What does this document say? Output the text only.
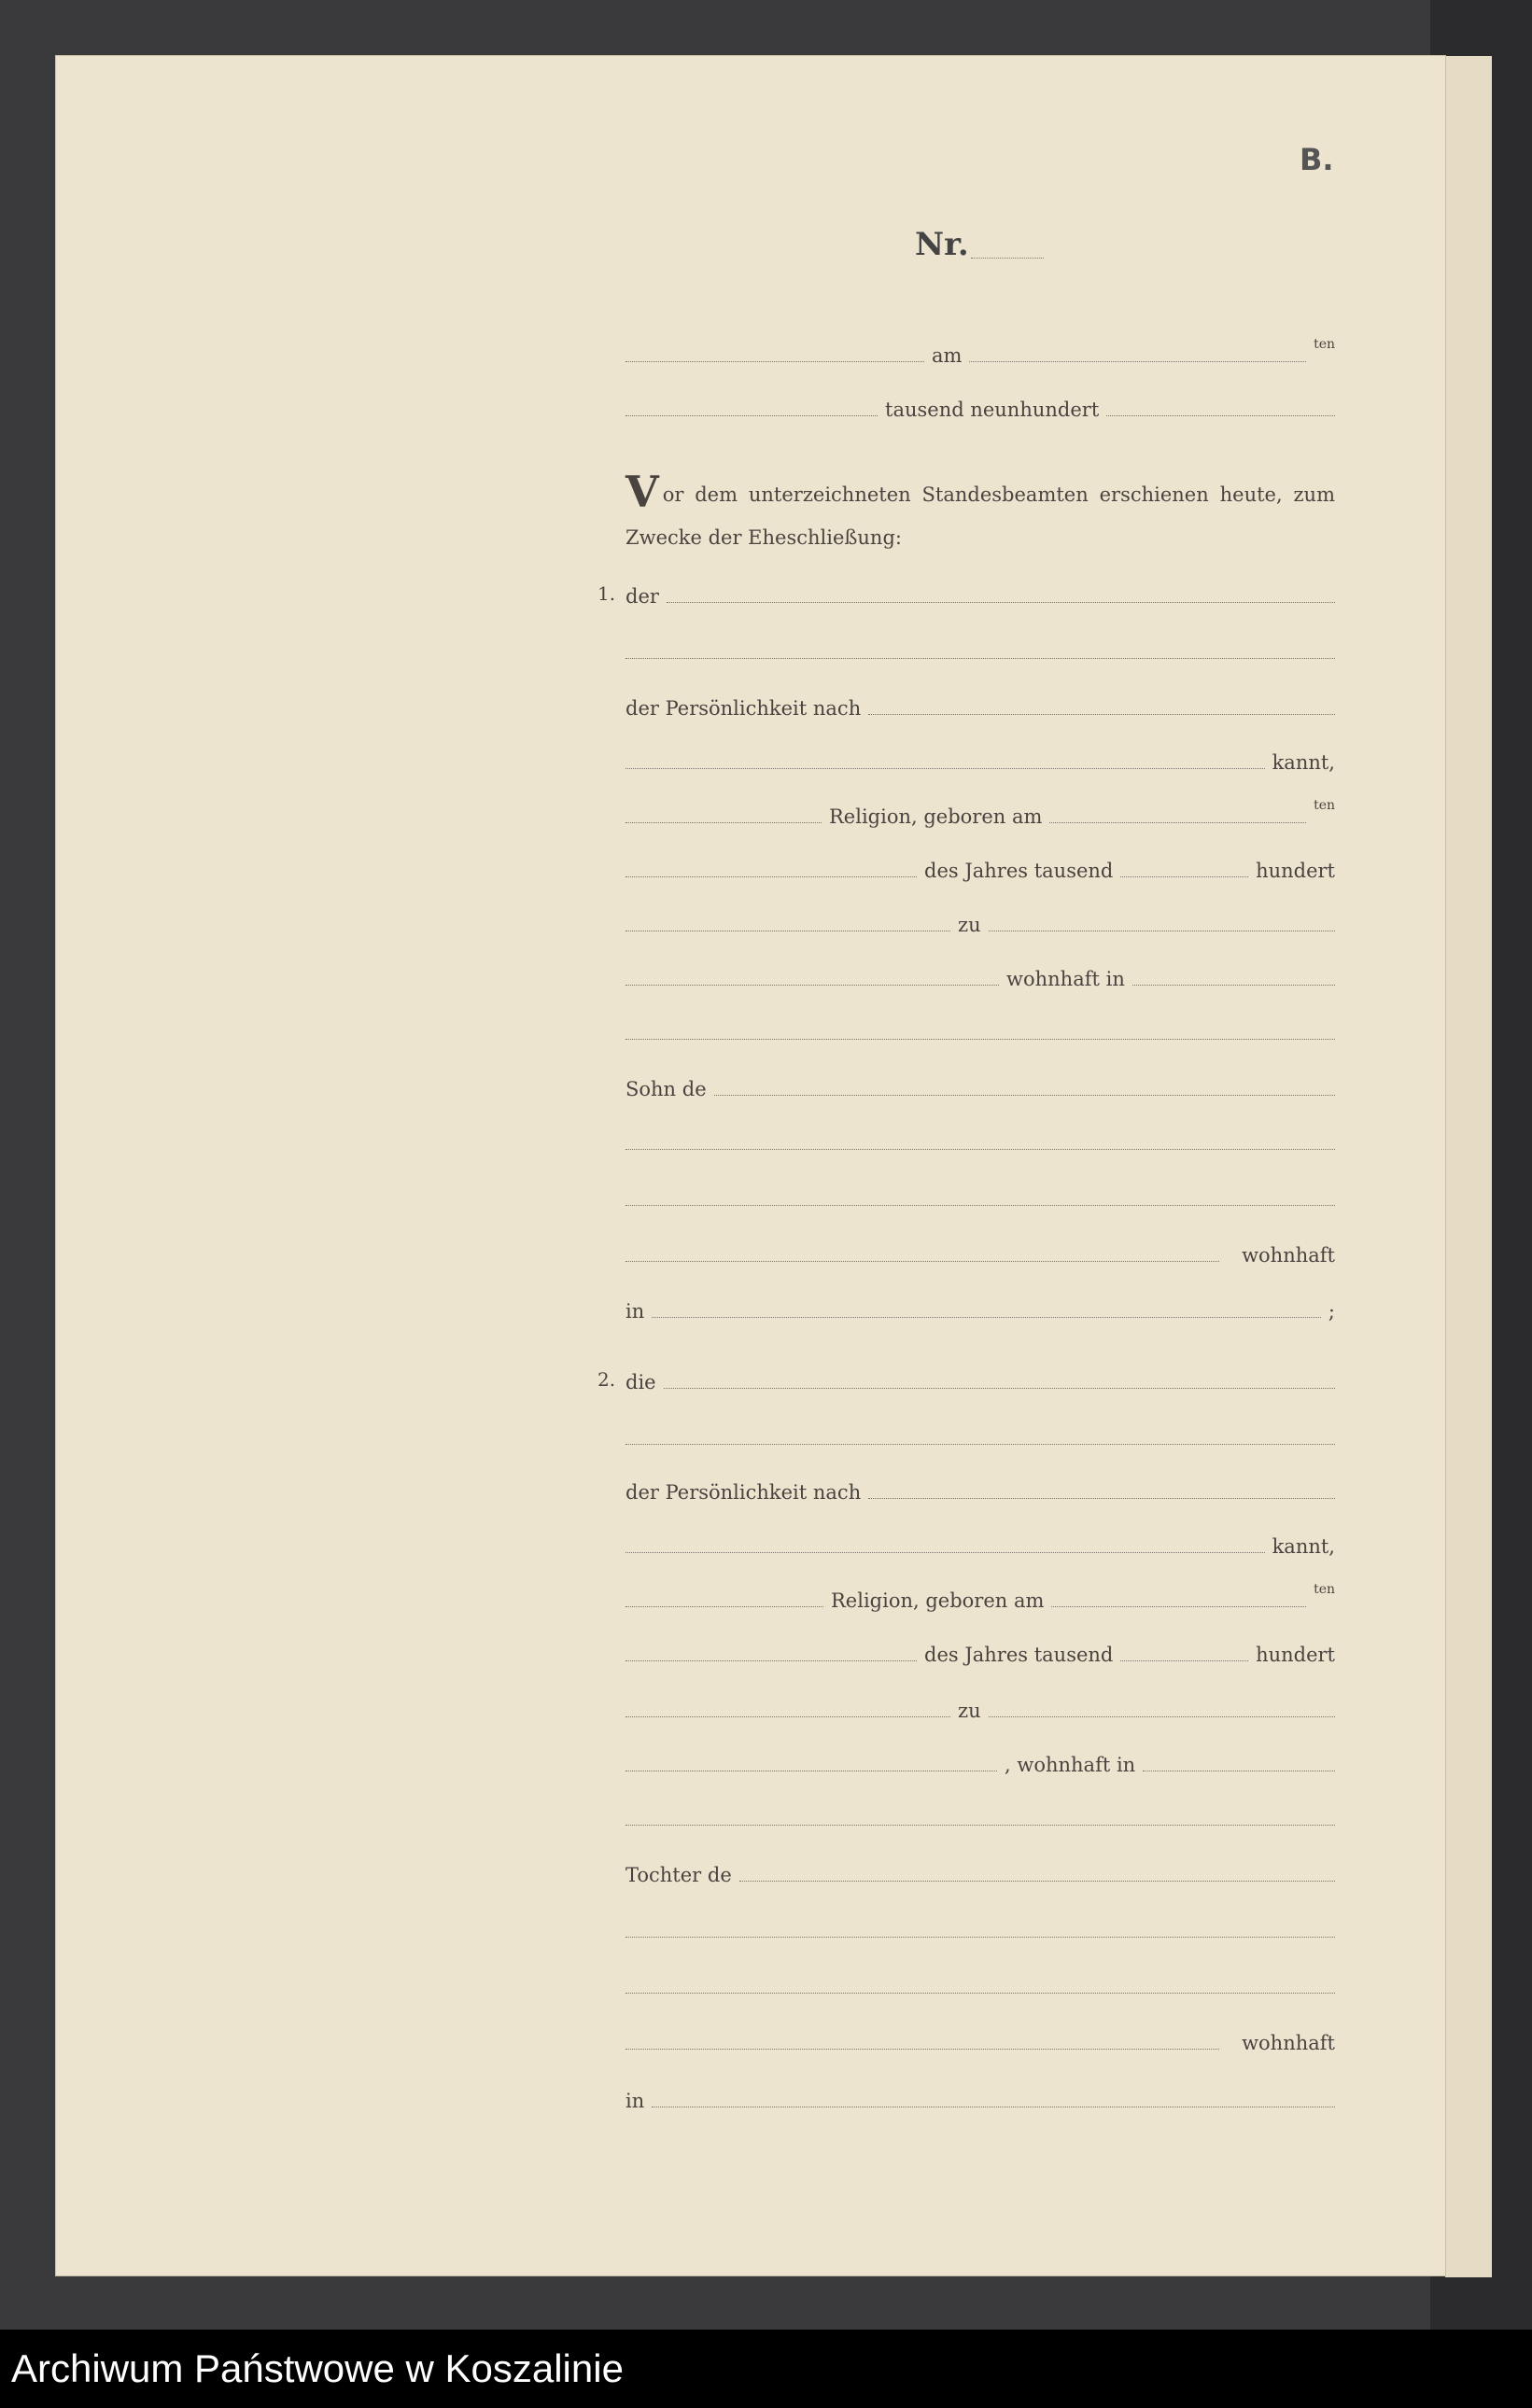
B.
Nr.
am	ten
tausend neunhundert
Vor dem unterzeichneten Standesbeamten erschienen heute, zum Zwecke der Eheschließung:
1. der
der Persönlichkeit nach
kannt,
Religion, geboren am	ten
des Jahres tausend	hundert
zu
wohnhaft in
Sohn de
wohnhaft
in	;
2. die
der Persönlichkeit nach
kannt,
Religion, geboren am	ten
des Jahres tausend	hundert
zu
, wohnhaft in
Tochter de
wohnhaft
in
Archiwum Państwowe w Koszalinie
